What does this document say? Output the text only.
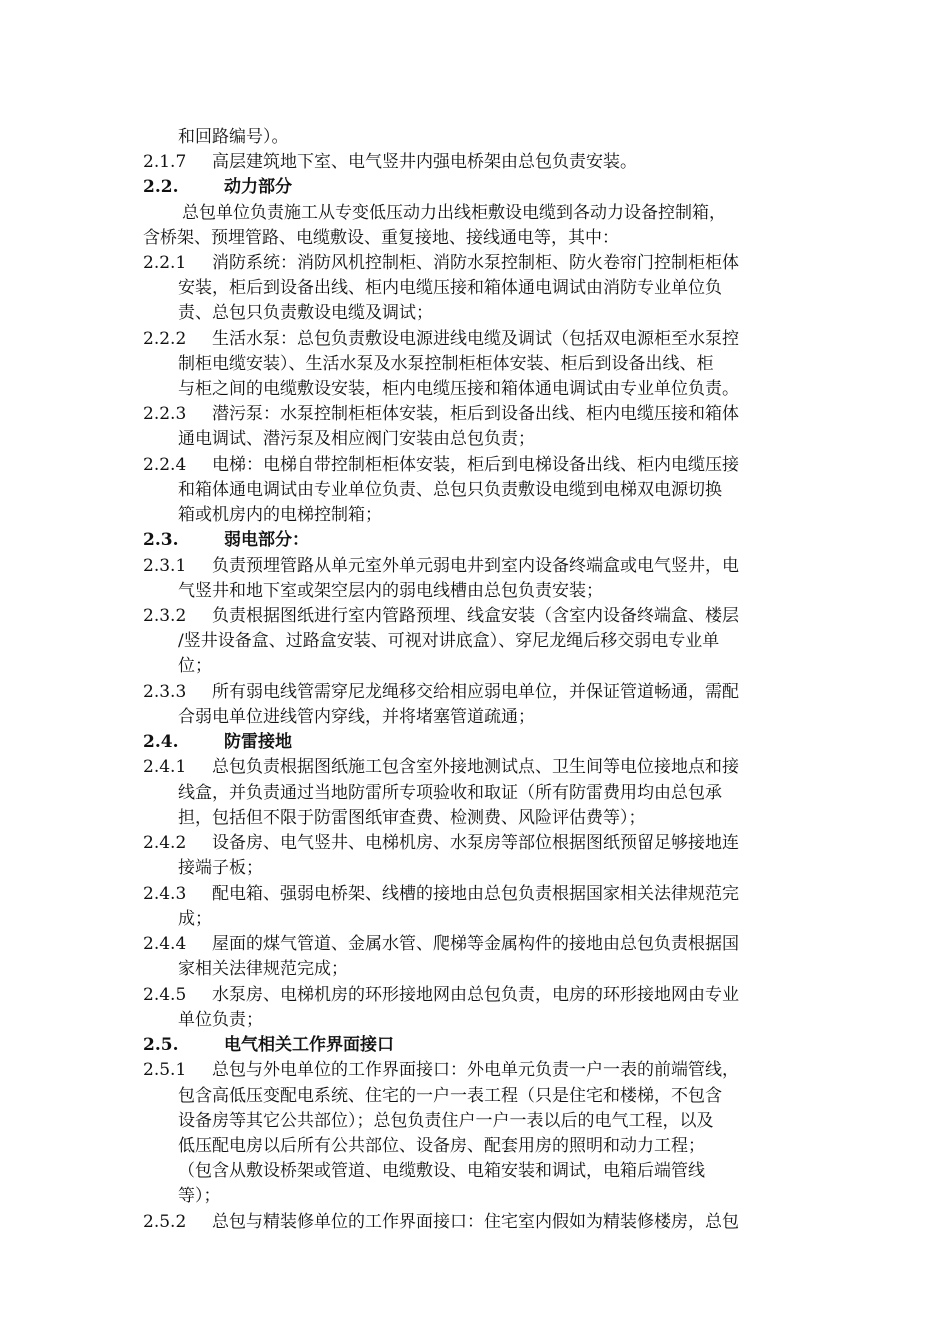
和回路编号）。
2.1.7 高层建筑地下室、电气竖井内强电桥架由总包负责安装。
2.2.	动力部分
总包单位负责施工从专变低压动力出线柜敷设电缆到各动力设备控制箱，
含桥架、预埋管路、电缆敷设、重复接地、接线通电等，其中：
2.2.1 消防系统：消防风机控制柜、消防水泵控制柜、防火卷帘门控制柜柜体
安装，柜后到设备出线、柜内电缆压接和箱体通电调试由消防专业单位负
责、总包只负责敷设电缆及调试；
2.2.2 生活水泵：总包负责敷设电源进线电缆及调试（包括双电源柜至水泵控
制柜电缆安装）、生活水泵及水泵控制柜柜体安装、柜后到设备出线、柜
与柜之间的电缆敷设安装，柜内电缆压接和箱体通电调试由专业单位负责。
2.2.3 潜污泵：水泵控制柜柜体安装，柜后到设备出线、柜内电缆压接和箱体
通电调试、潜污泵及相应阀门安装由总包负责；
2.2.4 电梯：电梯自带控制柜柜体安装，柜后到电梯设备出线、柜内电缆压接
和箱体通电调试由专业单位负责、总包只负责敷设电缆到电梯双电源切换
箱或机房内的电梯控制箱；
2.3.	弱电部分：
2.3.1 负责预埋管路从单元室外单元弱电井到室内设备终端盒或电气竖井，电
气竖井和地下室或架空层内的弱电线槽由总包负责安装；
2.3.2 负责根据图纸进行室内管路预埋、线盒安装（含室内设备终端盒、楼层
/竖井设备盒、过路盒安装、可视对讲底盒）、穿尼龙绳后移交弱电专业单
位；
2.3.3 所有弱电线管需穿尼龙绳移交给相应弱电单位，并保证管道畅通，需配
合弱电单位进线管内穿线，并将堵塞管道疏通；
2.4.	防雷接地
2.4.1 总包负责根据图纸施工包含室外接地测试点、卫生间等电位接地点和接
线盒，并负责通过当地防雷所专项验收和取证（所有防雷费用均由总包承
担，包括但不限于防雷图纸审查费、检测费、风险评估费等）；
2.4.2 设备房、电气竖井、电梯机房、水泵房等部位根据图纸预留足够接地连
接端子板；
2.4.3 配电箱、强弱电桥架、线槽的接地由总包负责根据国家相关法律规范完
成；
2.4.4 屋面的煤气管道、金属水管、爬梯等金属构件的接地由总包负责根据国
家相关法律规范完成；
2.4.5 水泵房、电梯机房的环形接地网由总包负责，电房的环形接地网由专业
单位负责；
2.5.	电气相关工作界面接口
2.5.1 总包与外电单位的工作界面接口：外电单元负责一户一表的前端管线，
包含高低压变配电系统、住宅的一户一表工程（只是住宅和楼梯，不包含
设备房等其它公共部位）；总包负责住户一户一表以后的电气工程，以及
低压配电房以后所有公共部位、设备房、配套用房的照明和动力工程；
（包含从敷设桥架或管道、电缆敷设、电箱安装和调试，电箱后端管线
等）；
2.5.2 总包与精装修单位的工作界面接口：住宅室内假如为精装修楼房，总包
